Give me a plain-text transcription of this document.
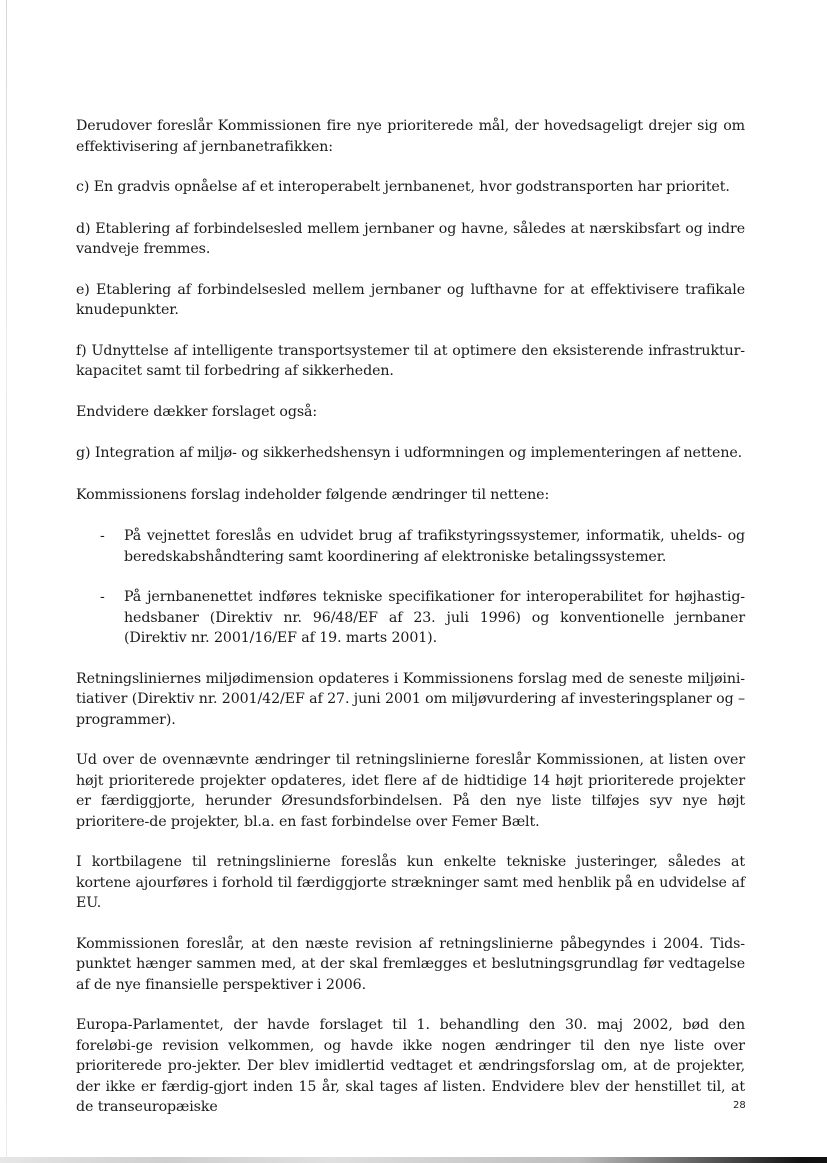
Derudover foreslår Kommissionen fire nye prioriterede mål, der hovedsageligt drejer sig om effektivisering af jernbanetrafikken:

c) En gradvis opnåelse af et interoperabelt jernbanenet, hvor godstransporten har prioritet.

d) Etablering af forbindelsesled mellem jernbaner og havne, således at nærskibsfart og indre vandveje fremmes.

e) Etablering af forbindelsesled mellem jernbaner og lufthavne for at effektivisere trafikale knudepunkter.

f) Udnyttelse af intelligente transportsystemer til at optimere den eksisterende infrastruktur-kapacitet samt til forbedring af sikkerheden.

Endvidere dækker forslaget også:

g) Integration af miljø- og sikkerhedshensyn i udformningen og implementeringen af nettene.

Kommissionens forslag indeholder følgende ændringer til nettene:

- På vejnettet foreslås en udvidet brug af trafikstyringssystemer, informatik, uhelds- og beredskabshåndtering samt koordinering af elektroniske betalingssystemer.
- På jernbanenettet indføres tekniske specifikationer for interoperabilitet for højhastig-hedsbaner (Direktiv nr. 96/48/EF af 23. juli 1996) og konventionelle jernbaner (Direktiv nr. 2001/16/EF af 19. marts 2001).

Retningsliniernes miljødimension opdateres i Kommissionens forslag med de seneste miljøini-tiativer (Direktiv nr. 2001/42/EF af 27. juni 2001 om miljøvurdering af investeringsplaner og – programmer).

Ud over de ovennævnte ændringer til retningslinierne foreslår Kommissionen, at listen over højt prioriterede projekter opdateres, idet flere af de hidtidige 14 højt prioriterede projekter er færdiggjorte, herunder Øresundsforbindelsen. På den nye liste tilføjes syv nye højt prioritere-de projekter, bl.a. en fast forbindelse over Femer Bælt.

I kortbilagene til retningslinierne foreslås kun enkelte tekniske justeringer, således at kortene ajourføres i forhold til færdiggjorte strækninger samt med henblik på en udvidelse af EU.

Kommissionen foreslår, at den næste revision af retningslinierne påbegyndes i 2004. Tids-punktet hænger sammen med, at der skal fremlægges et beslutningsgrundlag før vedtagelse af de nye finansielle perspektiver i 2006.

Europa-Parlamentet, der havde forslaget til 1. behandling den 30. maj 2002, bød den foreløbi-ge revision velkommen, og havde ikke nogen ændringer til den nye liste over prioriterede pro-jekter. Der blev imidlertid vedtaget et ændringsforslag om, at de projekter, der ikke er færdig-gjort inden 15 år, skal tages af listen. Endvidere blev der henstillet til, at de transeuropæiske	28
